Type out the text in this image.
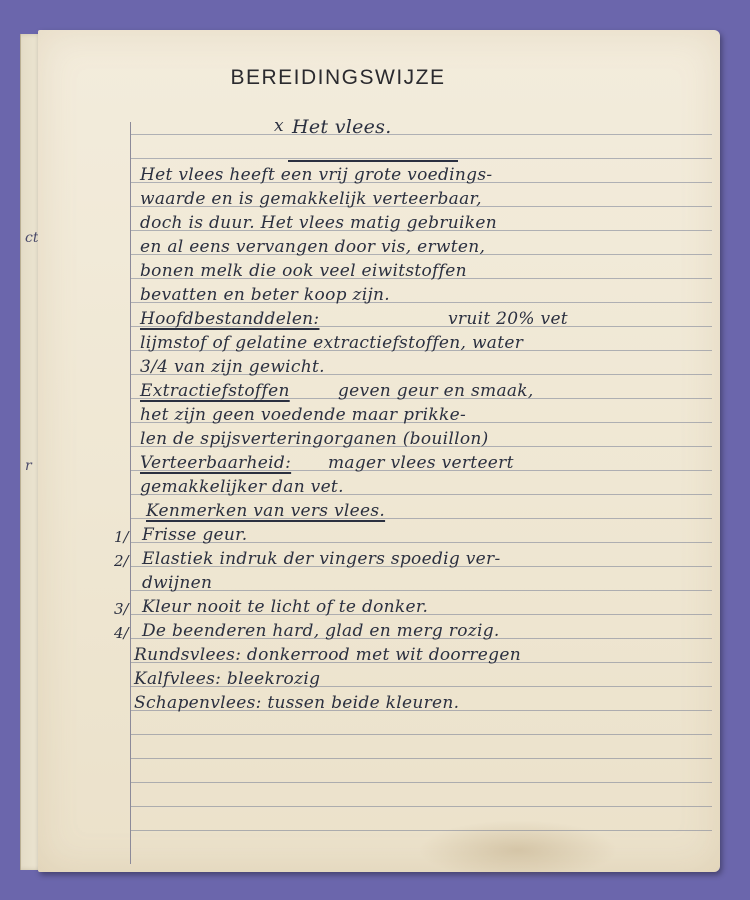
ct
r

BEREIDINGSWIJZE
x Het vlees.
Het vlees heeft een vrij grote voedings-
waarde en is gemakkelijk verteerbaar,
doch is duur. Het vlees matig gebruiken
en al eens vervangen door vis, erwten,
bonen melk die ook veel eiwitstoffen
bevatten en beter koop zijn.
Hoofdbestanddelen:	vruit 20% vet
lijmstof of gelatine extractiefstoffen, water
3/4 van zijn gewicht.
Extractiefstoffen	geven geur en smaak,
het zijn geen voedende maar prikke-
len de spijsverteringorganen (bouillon)
Verteerbaarheid: mager vlees verteert
gemakkelijker dan vet.
Kenmerken van vers vlees.
1/ Frisse geur.
2/ Elastiek indruk der vingers spoedig ver-
dwijnen
3/ Kleur nooit te licht of te donker.
4/ De beenderen hard, glad en merg rozig.
Rundsvlees: donkerrood met wit doorregen
Kalfvlees: bleekrozig
Schapenvlees: tussen beide kleuren.
